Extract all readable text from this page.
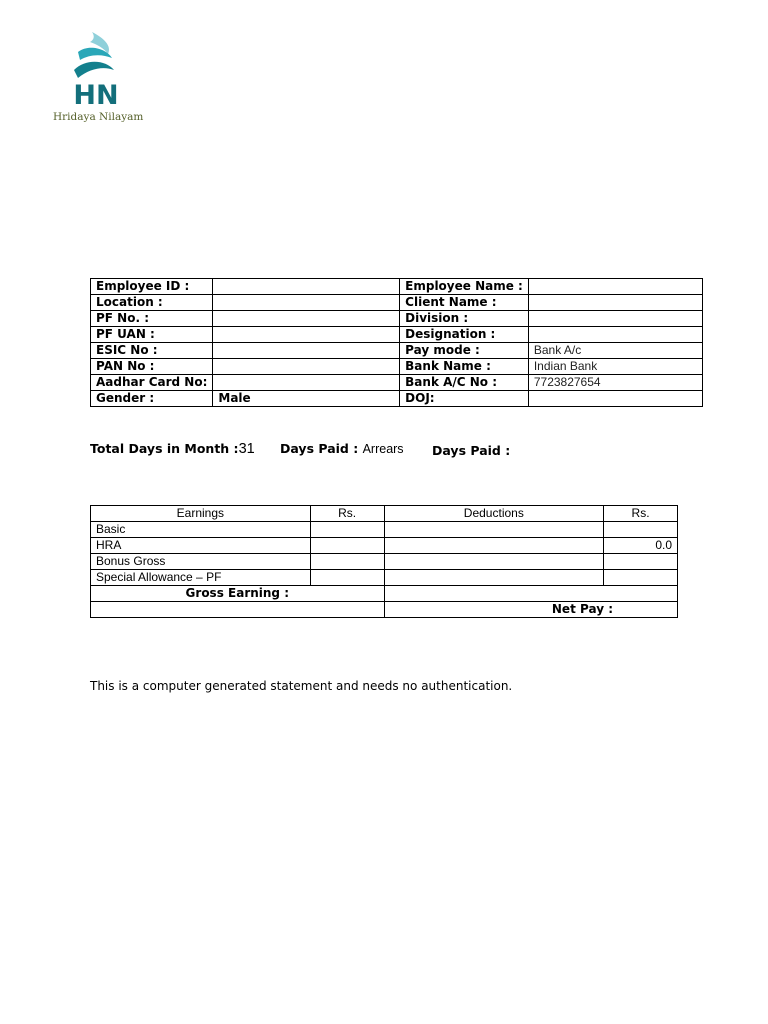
HN
Hridaya Nilayam
Employee ID :		Employee Name :	
Location :		Client Name :	
PF No. :		Division :	
PF UAN :		Designation :	
ESIC No :		Pay mode :	Bank A/c
PAN No :		Bank Name :	Indian Bank
Aadhar Card No:		Bank A/C No :	7723827654
Gender :	Male	DOJ:	
Total Days in Month :31 Days Paid : Arrears Days Paid :
Earnings	Rs.	Deductions	Rs.
Basic			
HRA			0.0
Bonus Gross			
Special Allowance – PF			
Gross Earning :			
		Net Pay :	
This is a computer generated statement and needs no authentication.
